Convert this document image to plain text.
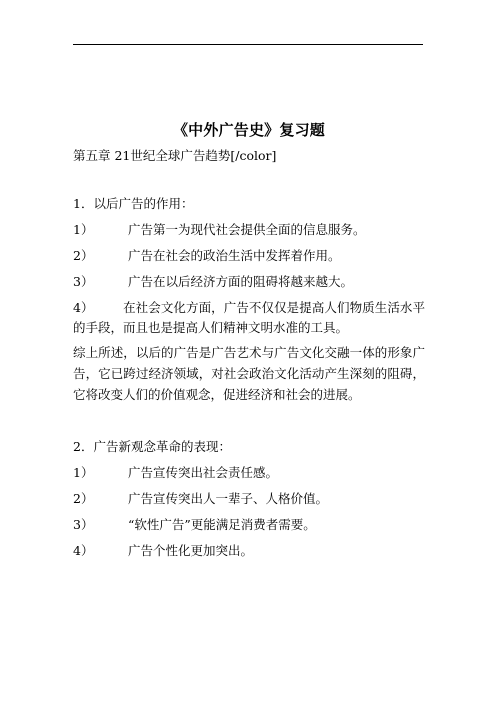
《中外广告史》复习题
第五章 21世纪全球广告趋势[/color]
1．以后广告的作用：
1）	广告第一为现代社会提供全面的信息服务。
2）	广告在社会的政治生活中发挥着作用。
3）	广告在以后经济方面的阻碍将越来越大。
4） 在社会文化方面，广告不仅仅是提高人们物质生活水平的手段，而且也是提高人们精神文明水准的工具。
综上所述，以后的广告是广告艺术与广告文化交融一体的形象广告，它已跨过经济领域，对社会政治文化活动产生深刻的阻碍，它将改变人们的价值观念，促进经济和社会的进展。
2．广告新观念革命的表现：
1）	广告宣传突出社会责任感。
2）	广告宣传突出人一辈子、人格价值。
3）	“软性广告”更能满足消费者需要。
4）	广告个性化更加突出。
